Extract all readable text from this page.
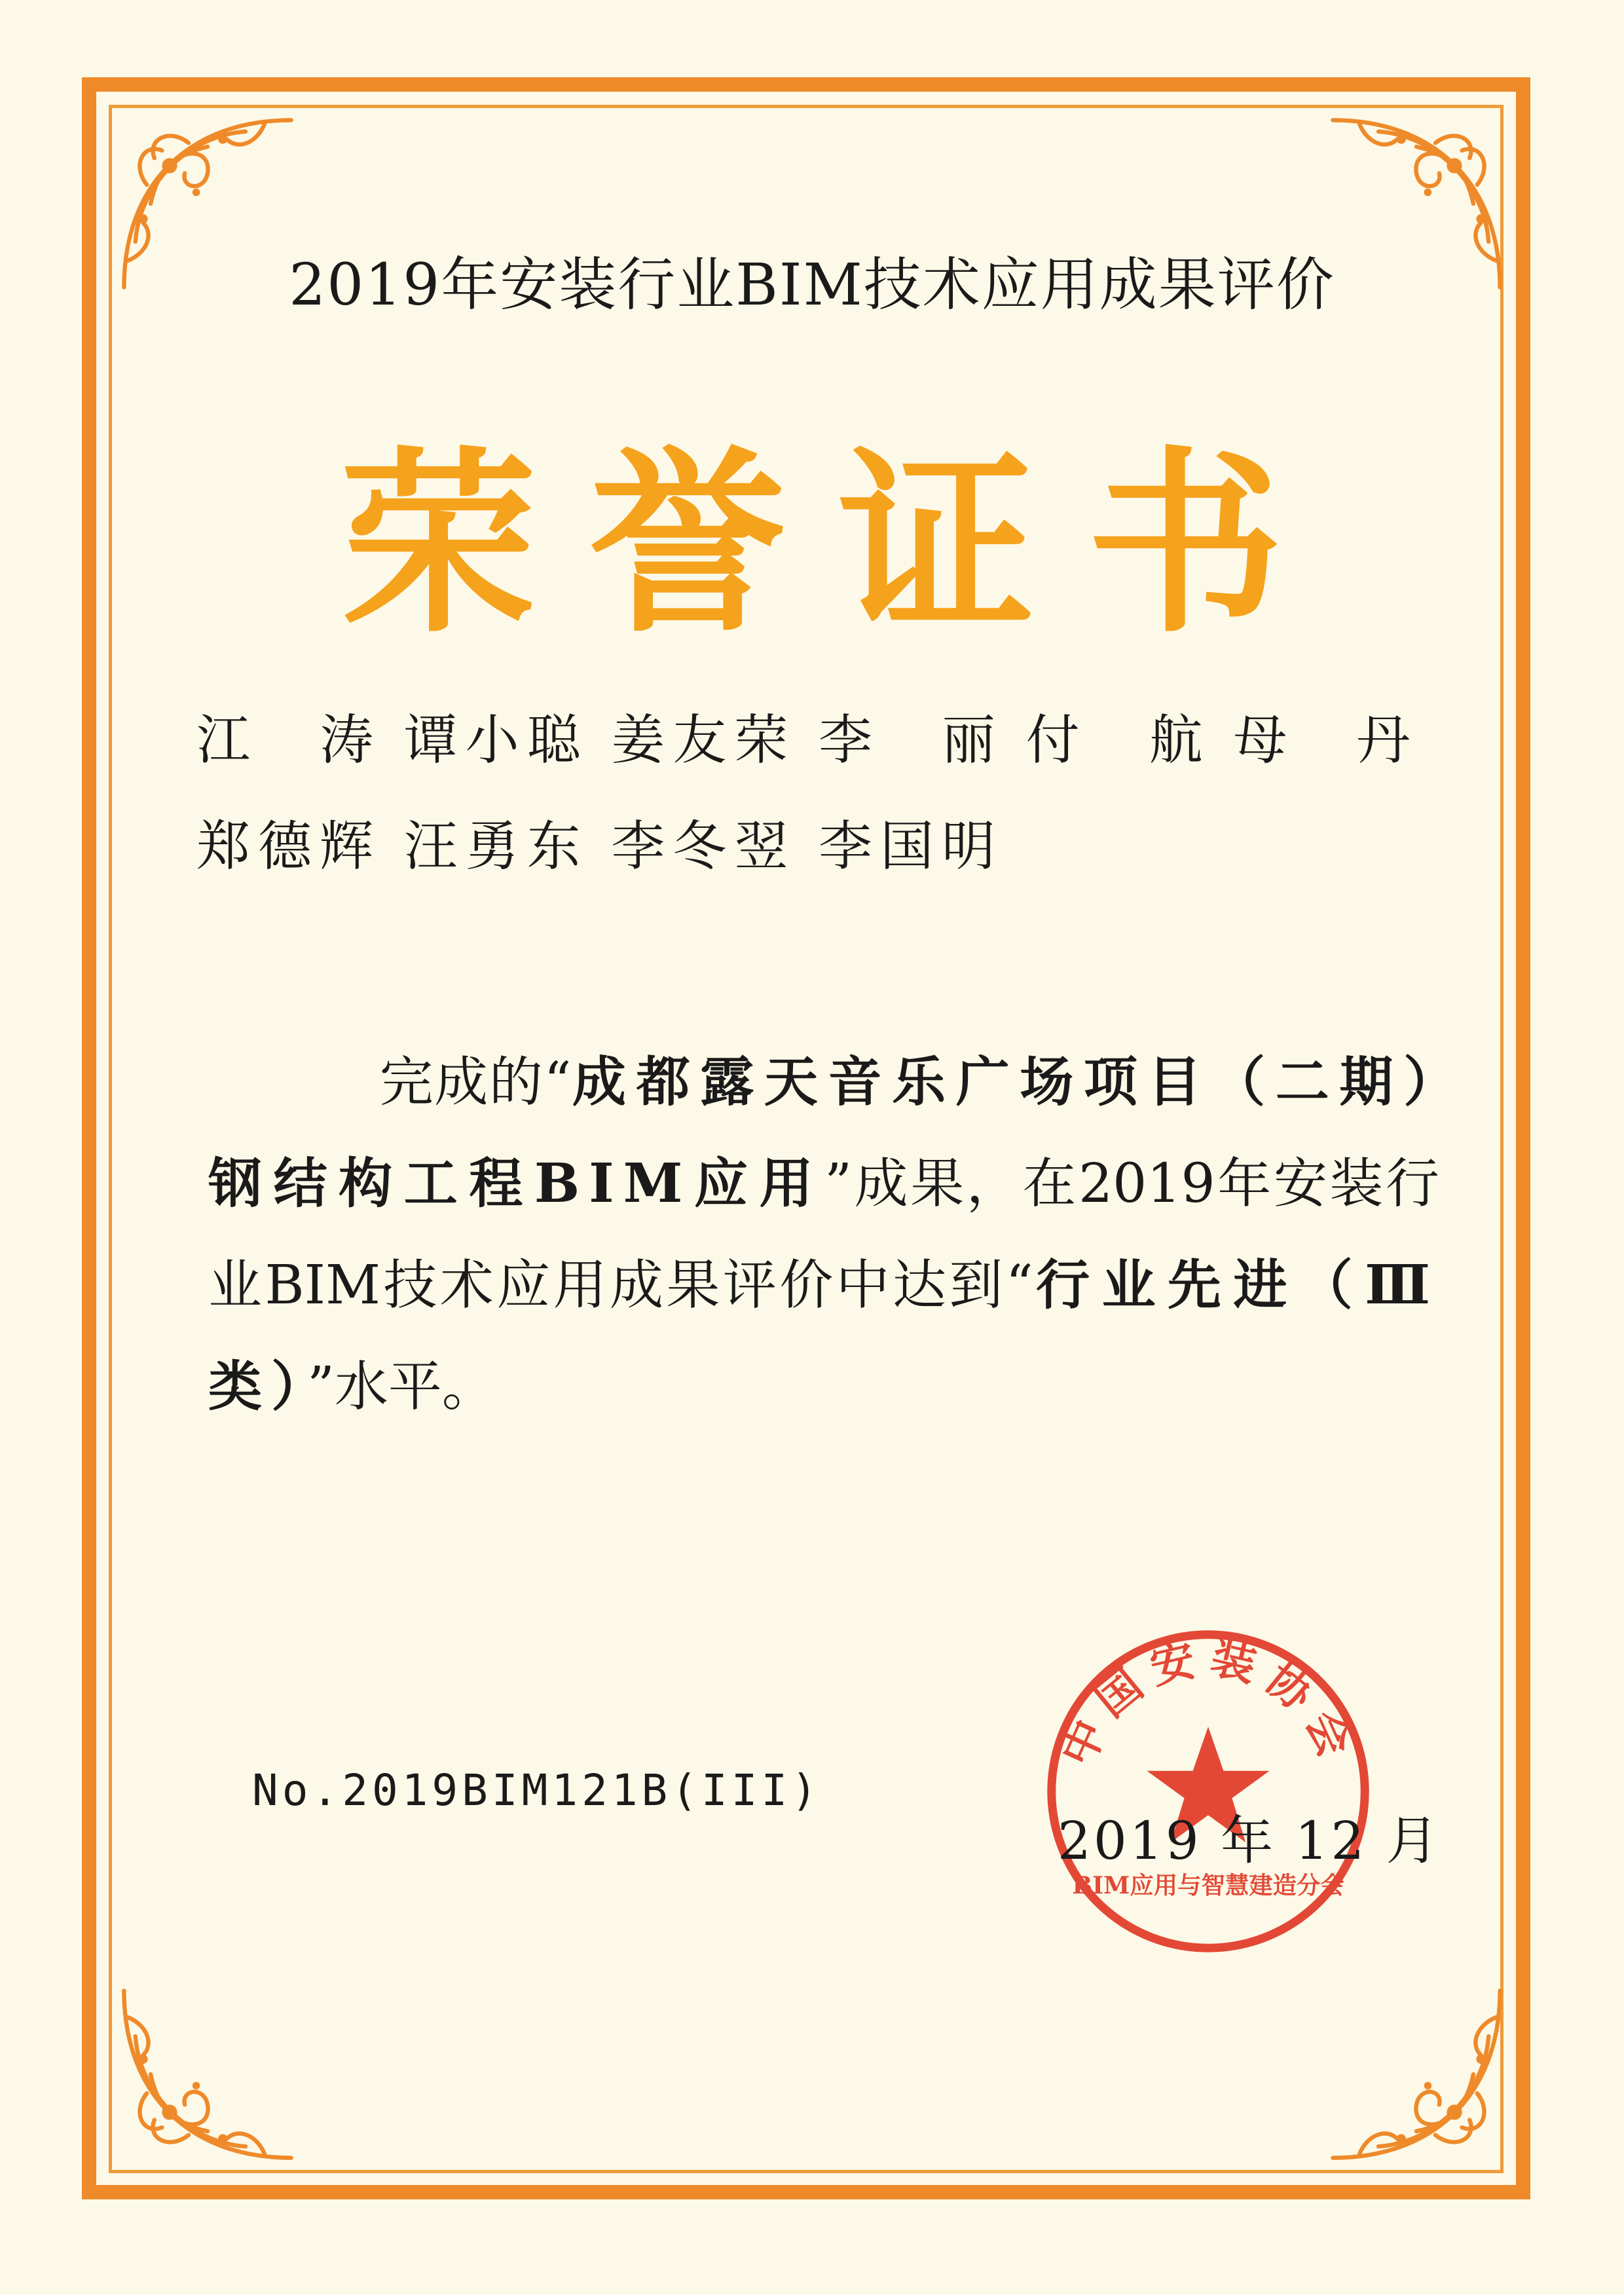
2019年安装行业BIM技术应用成果评价
荣誉证书
江　涛 谭小聪 姜友荣 李　丽 付　航 母　丹
郑德辉 汪勇东 李冬翌 李国明
完成的“成都露天音乐广场项目（二期）钢结构工程BIM应用”成果，在2019年安装行业BIM技术应用成果评价中达到“行业先进（Ⅲ类）”水平。
No.2019BIM121B(III)
中国安装协会
BIM应用与智慧建造分会
2019 年 12 月
